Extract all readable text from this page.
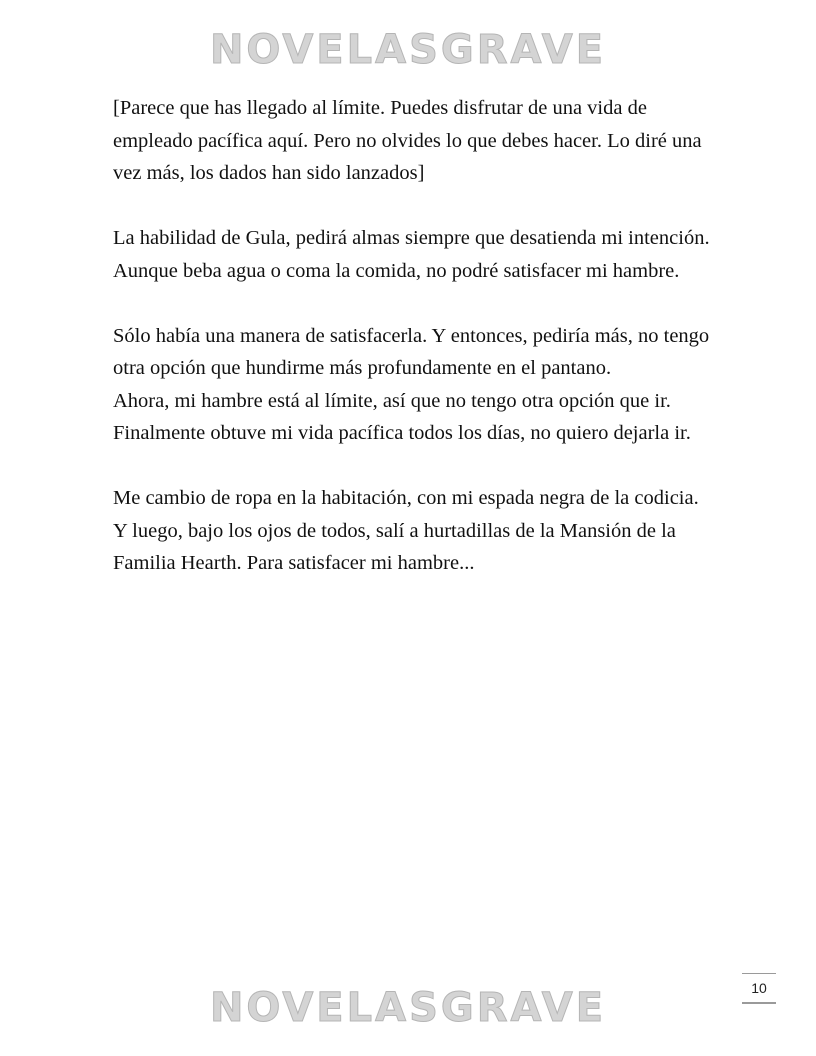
NOVELASGRAVE

[Parece que has llegado al límite. Puedes disfrutar de una vida de empleado pacífica aquí. Pero no olvides lo que debes hacer. Lo diré una vez más, los dados han sido lanzados]

La habilidad de Gula, pedirá almas siempre que desatienda mi intención. Aunque beba agua o coma la comida, no podré satisfacer mi hambre.

Sólo había una manera de satisfacerla. Y entonces, pediría más, no tengo otra opción que hundirme más profundamente en el pantano.

Ahora, mi hambre está al límite, así que no tengo otra opción que ir. Finalmente obtuve mi vida pacífica todos los días, no quiero dejarla ir.

Me cambio de ropa en la habitación, con mi espada negra de la codicia. Y luego, bajo los ojos de todos, salí a hurtadillas de la Mansión de la Familia Hearth. Para satisfacer mi hambre...

10
NOVELASGRAVE
